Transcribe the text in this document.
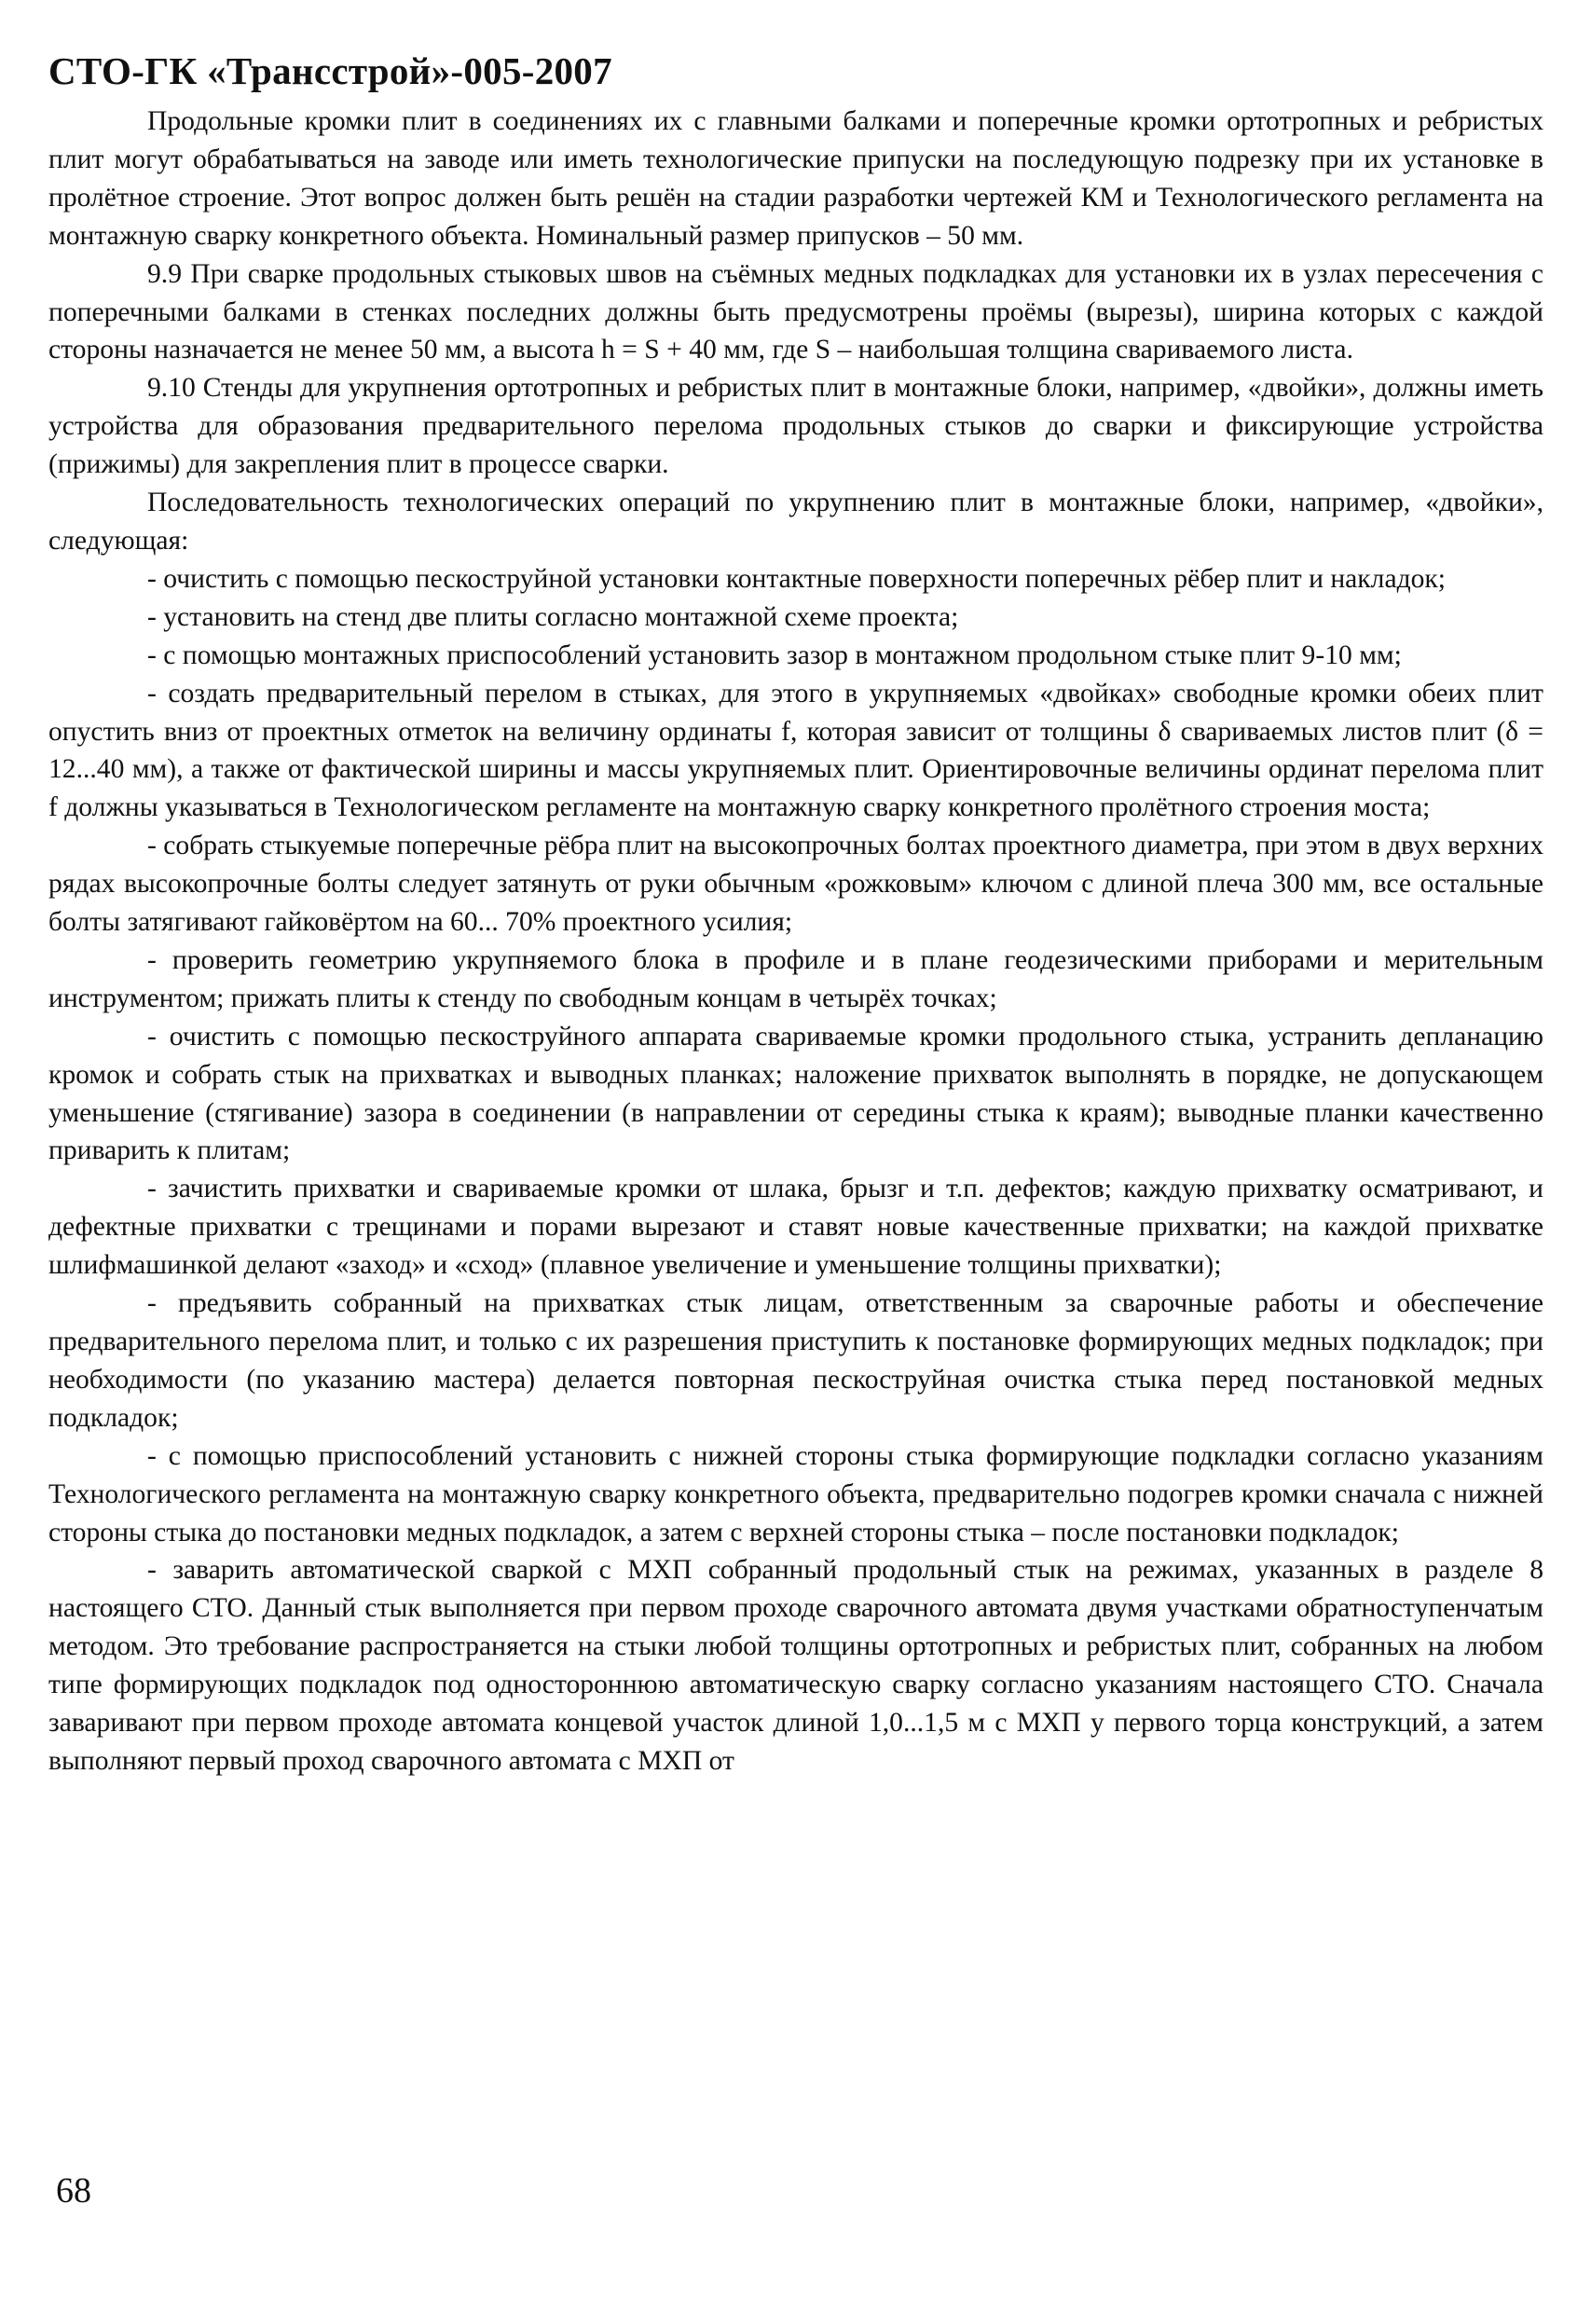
СТО-ГК «Трансстрой»-005-2007

Продольные кромки плит в соединениях их с главными балками и поперечные кромки ортотропных и ребристых плит могут обрабатываться на заводе или иметь технологические припуски на последующую подрезку при их установке в пролётное строение. Этот вопрос должен быть решён на стадии разработки чертежей КМ и Технологического регламента на монтажную сварку конкретного объекта. Номинальный размер припусков – 50 мм.

9.9 При сварке продольных стыковых швов на съёмных медных подкладках для установки их в узлах пересечения с поперечными балками в стенках последних должны быть предусмотрены проёмы (вырезы), ширина которых с каждой стороны назначается не менее 50 мм, а высота h = S + 40 мм, где S – наибольшая толщина свариваемого листа.

9.10 Стенды для укрупнения ортотропных и ребристых плит в монтажные блоки, например, «двойки», должны иметь устройства для образования предварительного перелома продольных стыков до сварки и фиксирующие устройства (прижимы) для закрепления плит в процессе сварки.

Последовательность технологических операций по укрупнению плит в монтажные блоки, например, «двойки», следующая:

- очистить с помощью пескоструйной установки контактные поверхности поперечных рёбер плит и накладок;

- установить на стенд две плиты согласно монтажной схеме проекта;

- с помощью монтажных приспособлений установить зазор в монтажном продольном стыке плит 9-10 мм;

- создать предварительный перелом в стыках, для этого в укрупняемых «двойках» свободные кромки обеих плит опустить вниз от проектных отметок на величину ординаты f, которая зависит от толщины δ свариваемых листов плит (δ = 12...40 мм), а также от фактической ширины и массы укрупняемых плит. Ориентировочные величины ординат перелома плит f должны указываться в Технологическом регламенте на монтажную сварку конкретного пролётного строения моста;

- собрать стыкуемые поперечные рёбра плит на высокопрочных болтах проектного диаметра, при этом в двух верхних рядах высокопрочные болты следует затянуть от руки обычным «рожковым» ключом с длиной плеча 300 мм, все остальные болты затягивают гайковёртом на 60... 70% проектного усилия;

- проверить геометрию укрупняемого блока в профиле и в плане геодезическими приборами и мерительным инструментом; прижать плиты к стенду по свободным концам в четырёх точках;

- очистить с помощью пескоструйного аппарата свариваемые кромки продольного стыка, устранить депланацию кромок и собрать стык на прихватках и выводных планках; наложение прихваток выполнять в порядке, не допускающем уменьшение (стягивание) зазора в соединении (в направлении от середины стыка к краям); выводные планки качественно приварить к плитам;

- зачистить прихватки и свариваемые кромки от шлака, брызг и т.п. дефектов; каждую прихватку осматривают, и дефектные прихватки с трещинами и порами вырезают и ставят новые качественные прихватки; на каждой прихватке шлифмашинкой делают «заход» и «сход» (плавное увеличение и уменьшение толщины прихватки);

- предъявить собранный на прихватках стык лицам, ответственным за сварочные работы и обеспечение предварительного перелома плит, и только с их разрешения приступить к постановке формирующих медных подкладок; при необходимости (по указанию мастера) делается повторная пескоструйная очистка стыка перед постановкой медных подкладок;

- с помощью приспособлений установить с нижней стороны стыка формирующие подкладки согласно указаниям Технологического регламента на монтажную сварку конкретного объекта, предварительно подогрев кромки сначала с нижней стороны стыка до постановки медных подкладок, а затем с верхней стороны стыка – после постановки подкладок;

- заварить автоматической сваркой с МХП собранный продольный стык на режимах, указанных в разделе 8 настоящего СТО. Данный стык выполняется при первом проходе сварочного автомата двумя участками обратноступенчатым методом. Это требование распространяется на стыки любой толщины ортотропных и ребристых плит, собранных на любом типе формирующих подкладок под одностороннюю автоматическую сварку согласно указаниям настоящего СТО. Сначала заваривают при первом проходе автомата концевой участок длиной 1,0...1,5 м с МХП у первого торца конструкций, а затем выполняют первый проход сварочного автомата с МХП от

68
